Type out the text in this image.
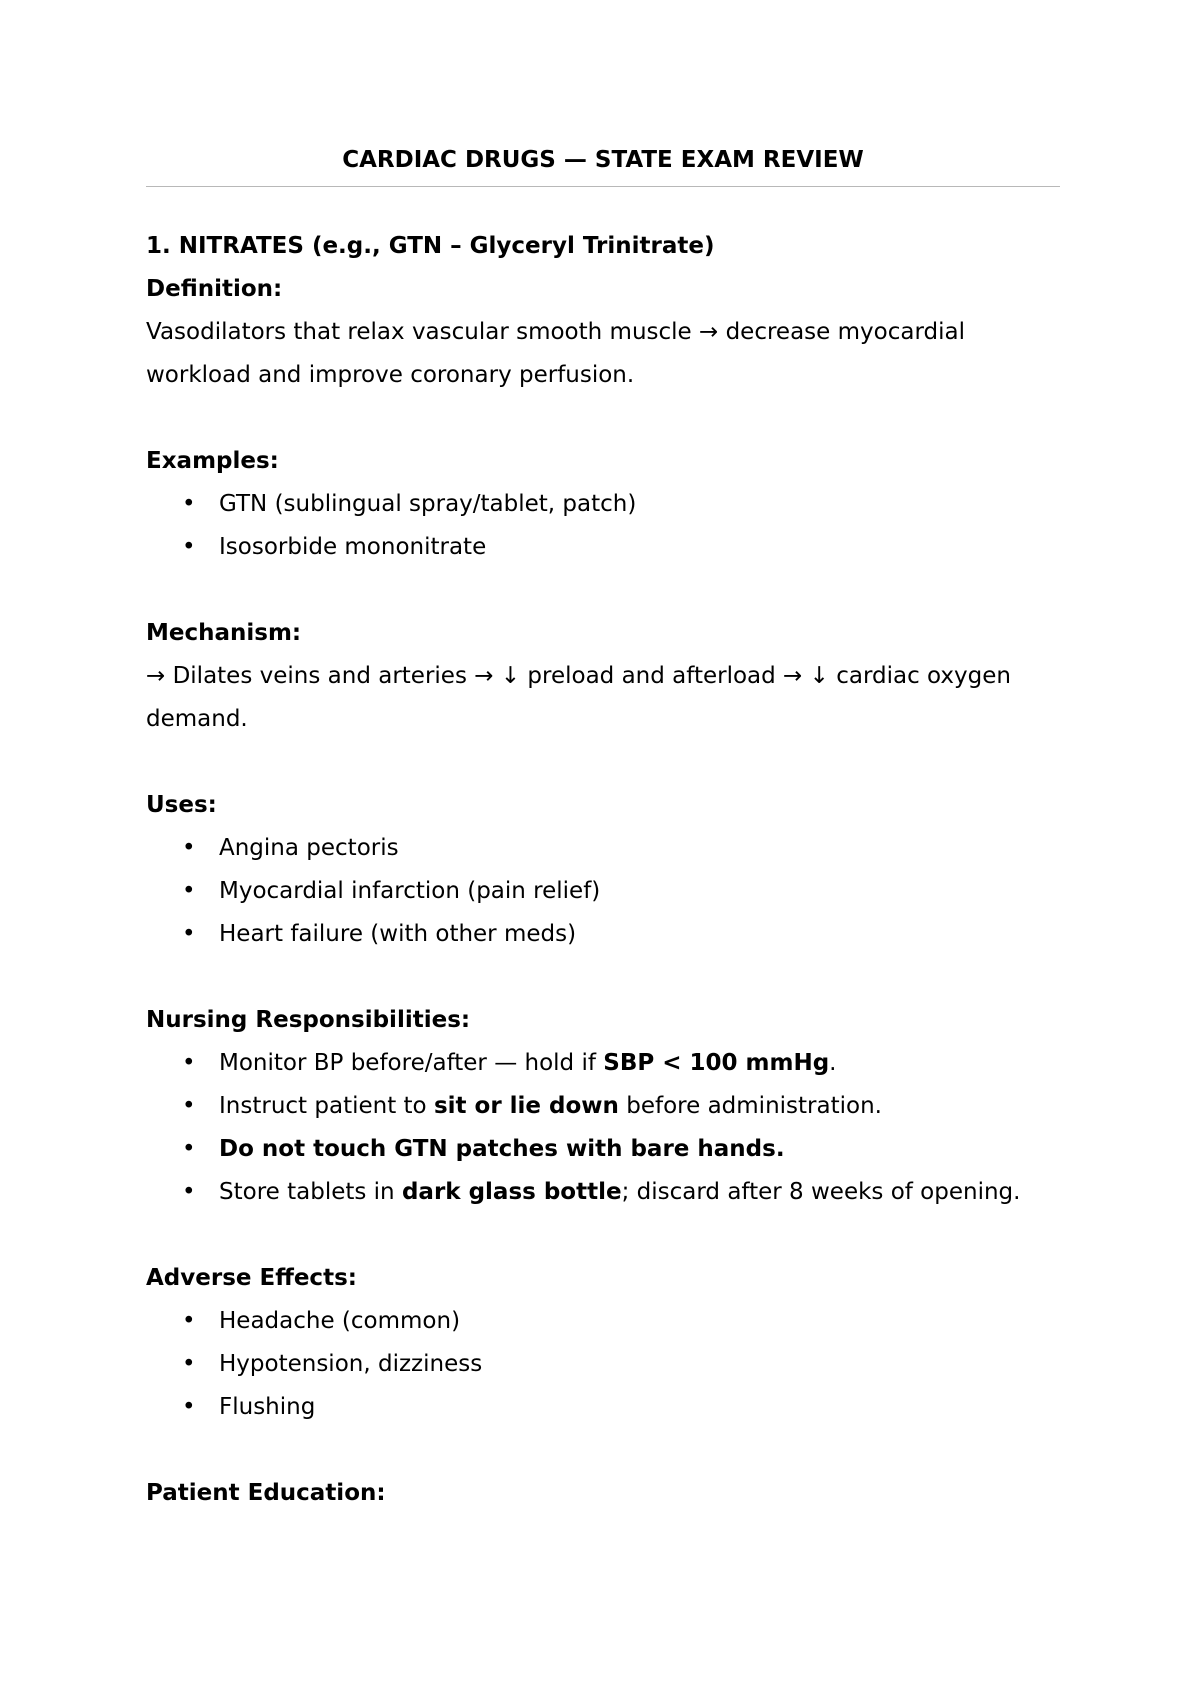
CARDIAC DRUGS — STATE EXAM REVIEW
1. NITRATES (e.g., GTN – Glyceryl Trinitrate)
Definition:
Vasodilators that relax vascular smooth muscle → decrease myocardial workload and improve coronary perfusion.
Examples:
• GTN (sublingual spray/tablet, patch)
• Isosorbide mononitrate
Mechanism:
→ Dilates veins and arteries → ↓ preload and afterload → ↓ cardiac oxygen demand.
Uses:
• Angina pectoris
• Myocardial infarction (pain relief)
• Heart failure (with other meds)
Nursing Responsibilities:
• Monitor BP before/after — hold if SBP < 100 mmHg.
• Instruct patient to sit or lie down before administration.
• Do not touch GTN patches with bare hands.
• Store tablets in dark glass bottle; discard after 8 weeks of opening.
Adverse Effects:
• Headache (common)
• Hypotension, dizziness
• Flushing
Patient Education:
